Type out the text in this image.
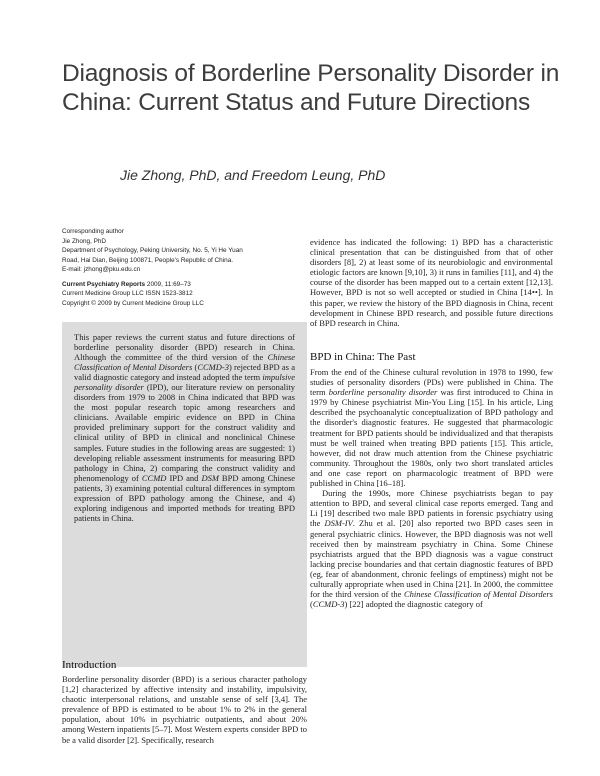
Diagnosis of Borderline Personality Disorder in China: Current Status and Future Directions

Jie Zhong, PhD, and Freedom Leung, PhD

Corresponding author
Jie Zhong, PhD
Department of Psychology, Peking University, No. 5, Yi He Yuan
Road, Hai Dian, Beijing 100871, People's Republic of China.
E-mail: jzhong@pku.edu.cn
Current Psychiatry Reports 2009, 11:69–73
Current Medicine Group LLC ISSN 1523-3812
Copyright © 2009 by Current Medicine Group LLC
This paper reviews the current status and future directions of borderline personality disorder (BPD) research in China. Although the committee of the third version of the Chinese Classification of Mental Disorders (CCMD-3) rejected BPD as a valid diagnostic category and instead adopted the term impulsive personality disorder (IPD), our literature review on personality disorders from 1979 to 2008 in China indicated that BPD was the most popular research topic among researchers and clinicians. Available empiric evidence on BPD in China provided preliminary support for the construct validity and clinical utility of BPD in clinical and nonclinical Chinese samples. Future studies in the following areas are suggested: 1) developing reliable assessment instruments for measuring BPD pathology in China, 2) comparing the construct validity and phenomenology of CCMD IPD and DSM BPD among Chinese patients, 3) examining potential cultural differences in symptom expression of BPD pathology among the Chinese, and 4) exploring indigenous and imported methods for treating BPD patients in China.
Introduction

Borderline personality disorder (BPD) is a serious character pathology [1,2] characterized by affective intensity and instability, impulsivity, chaotic interpersonal relations, and unstable sense of self [3,4]. The prevalence of BPD is estimated to be about 1% to 2% in the general population, about 10% in psychiatric outpatients, and about 20% among Western inpatients [5–7]. Most Western experts consider BPD to be a valid disorder [2]. Specifically, research

evidence has indicated the following: 1) BPD has a characteristic clinical presentation that can be distinguished from that of other disorders [8], 2) at least some of its neurobiologic and environmental etiologic factors are known [9,10], 3) it runs in families [11], and 4) the course of the disorder has been mapped out to a certain extent [12,13]. However, BPD is not so well accepted or studied in China [14••]. In this paper, we review the history of the BPD diagnosis in China, recent development in Chinese BPD research, and possible future directions of BPD research in China.

BPD in China: The Past

From the end of the Chinese cultural revolution in 1978 to 1990, few studies of personality disorders (PDs) were published in China. The term borderline personality disorder was first introduced to China in 1979 by Chinese psychiatrist Min-You Ling [15]. In his article, Ling described the psychoanalytic conceptualization of BPD pathology and the disorder's diagnostic features. He suggested that pharmacologic treatment for BPD patients should be individualized and that therapists must be well trained when treating BPD patients [15]. This article, however, did not draw much attention from the Chinese psychiatric community. Throughout the 1980s, only two short translated articles and one case report on pharmacologic treatment of BPD were published in China [16–18].

During the 1990s, more Chinese psychiatrists began to pay attention to BPD, and several clinical case reports emerged. Tang and Li [19] described two male BPD patients in forensic psychiatry using the DSM-IV. Zhu et al. [20] also reported two BPD cases seen in general psychiatric clinics. However, the BPD diagnosis was not well received then by mainstream psychiatry in China. Some Chinese psychiatrists argued that the BPD diagnosis was a vague construct lacking precise boundaries and that certain diagnostic features of BPD (eg, fear of abandonment, chronic feelings of emptiness) might not be culturally appropriate when used in China [21]. In 2000, the committee for the third version of the Chinese Classification of Mental Disorders (CCMD-3) [22] adopted the diagnostic category of
